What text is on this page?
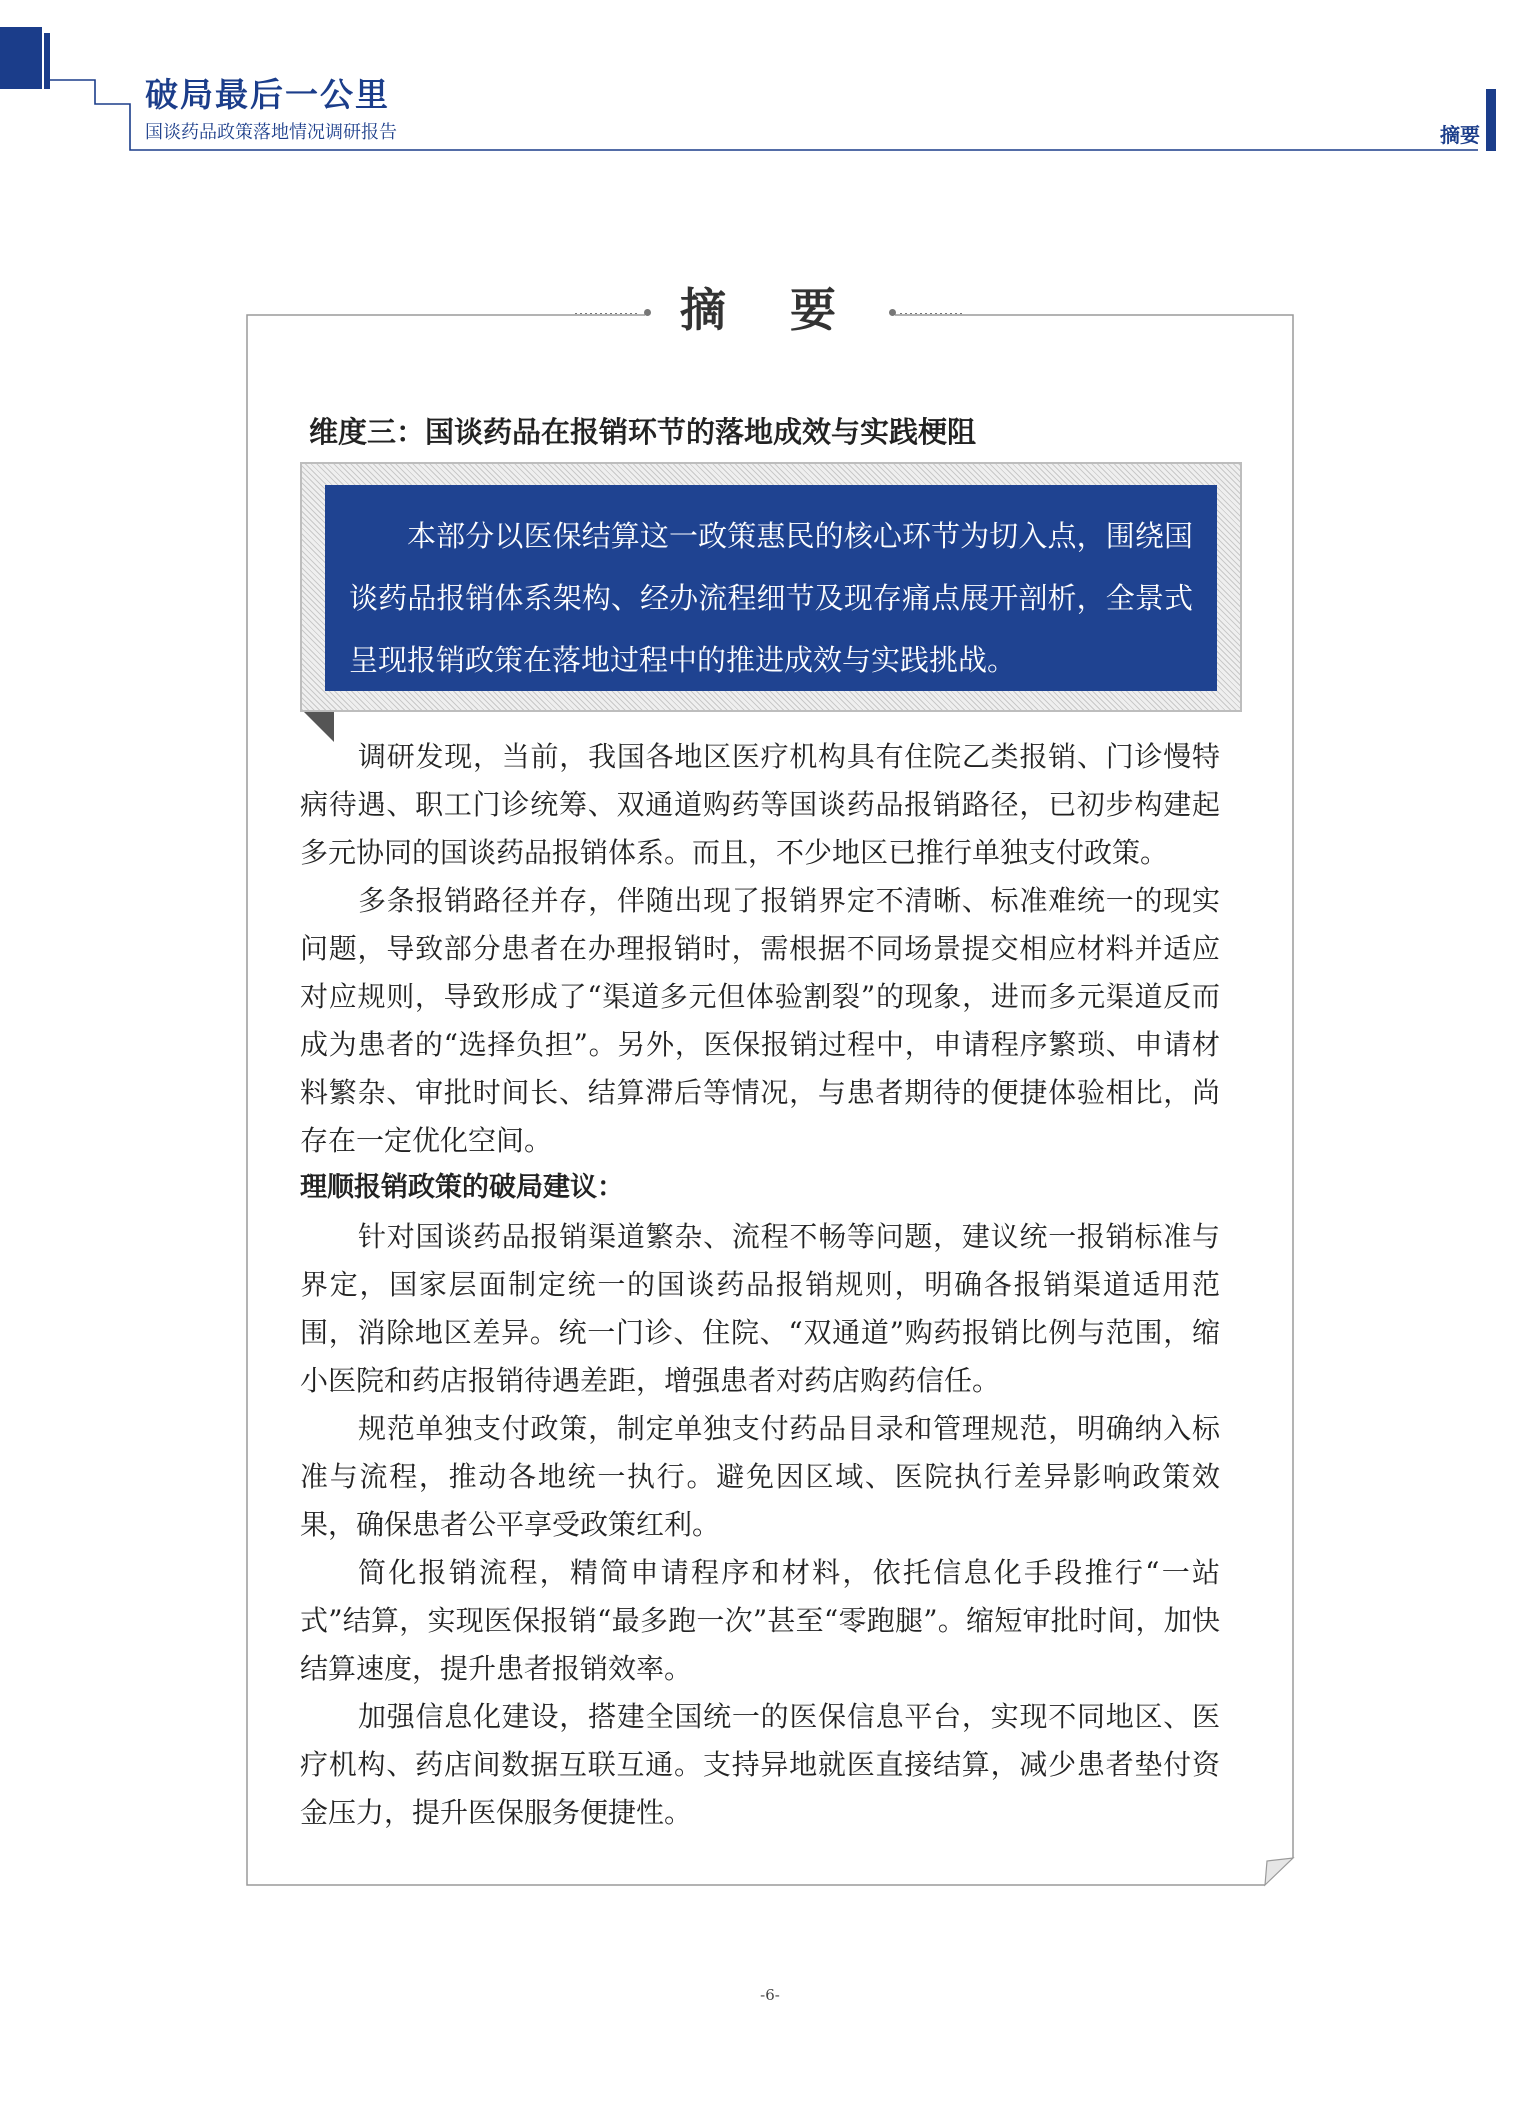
破局最后一公里
国谈药品政策落地情况调研报告	摘要
摘 要
维度三：国谈药品在报销环节的落地成效与实践梗阻

本部分以医保结算这一政策惠民的核心环节为切入点，围绕国谈药品报销体系架构、经办流程细节及现存痛点展开剖析，全景式呈现报销政策在落地过程中的推进成效与实践挑战。

调研发现，当前，我国各地区医疗机构具有住院乙类报销、门诊慢特病待遇、职工门诊统筹、双通道购药等国谈药品报销路径，已初步构建起多元协同的国谈药品报销体系。而且，不少地区已推行单独支付政策。

多条报销路径并存，伴随出现了报销界定不清晰、标准难统一的现实问题，导致部分患者在办理报销时，需根据不同场景提交相应材料并适应对应规则，导致形成了“渠道多元但体验割裂”的现象，进而多元渠道反而成为患者的“选择负担”。另外，医保报销过程中，申请程序繁琐、申请材料繁杂、审批时间长、结算滞后等情况，与患者期待的便捷体验相比，尚存在一定优化空间。

理顺报销政策的破局建议：

针对国谈药品报销渠道繁杂、流程不畅等问题，建议统一报销标准与界定，国家层面制定统一的国谈药品报销规则，明确各报销渠道适用范围，消除地区差异。统一门诊、住院、“双通道”购药报销比例与范围，缩小医院和药店报销待遇差距，增强患者对药店购药信任。

规范单独支付政策，制定单独支付药品目录和管理规范，明确纳入标准与流程，推动各地统一执行。避免因区域、医院执行差异影响政策效果，确保患者公平享受政策红利。

简化报销流程，精简申请程序和材料，依托信息化手段推行“一站式”结算，实现医保报销“最多跑一次”甚至“零跑腿”。缩短审批时间，加快结算速度，提升患者报销效率。

加强信息化建设，搭建全国统一的医保信息平台，实现不同地区、医疗机构、药店间数据互联互通。支持异地就医直接结算，减少患者垫付资金压力，提升医保服务便捷性。

-6-
